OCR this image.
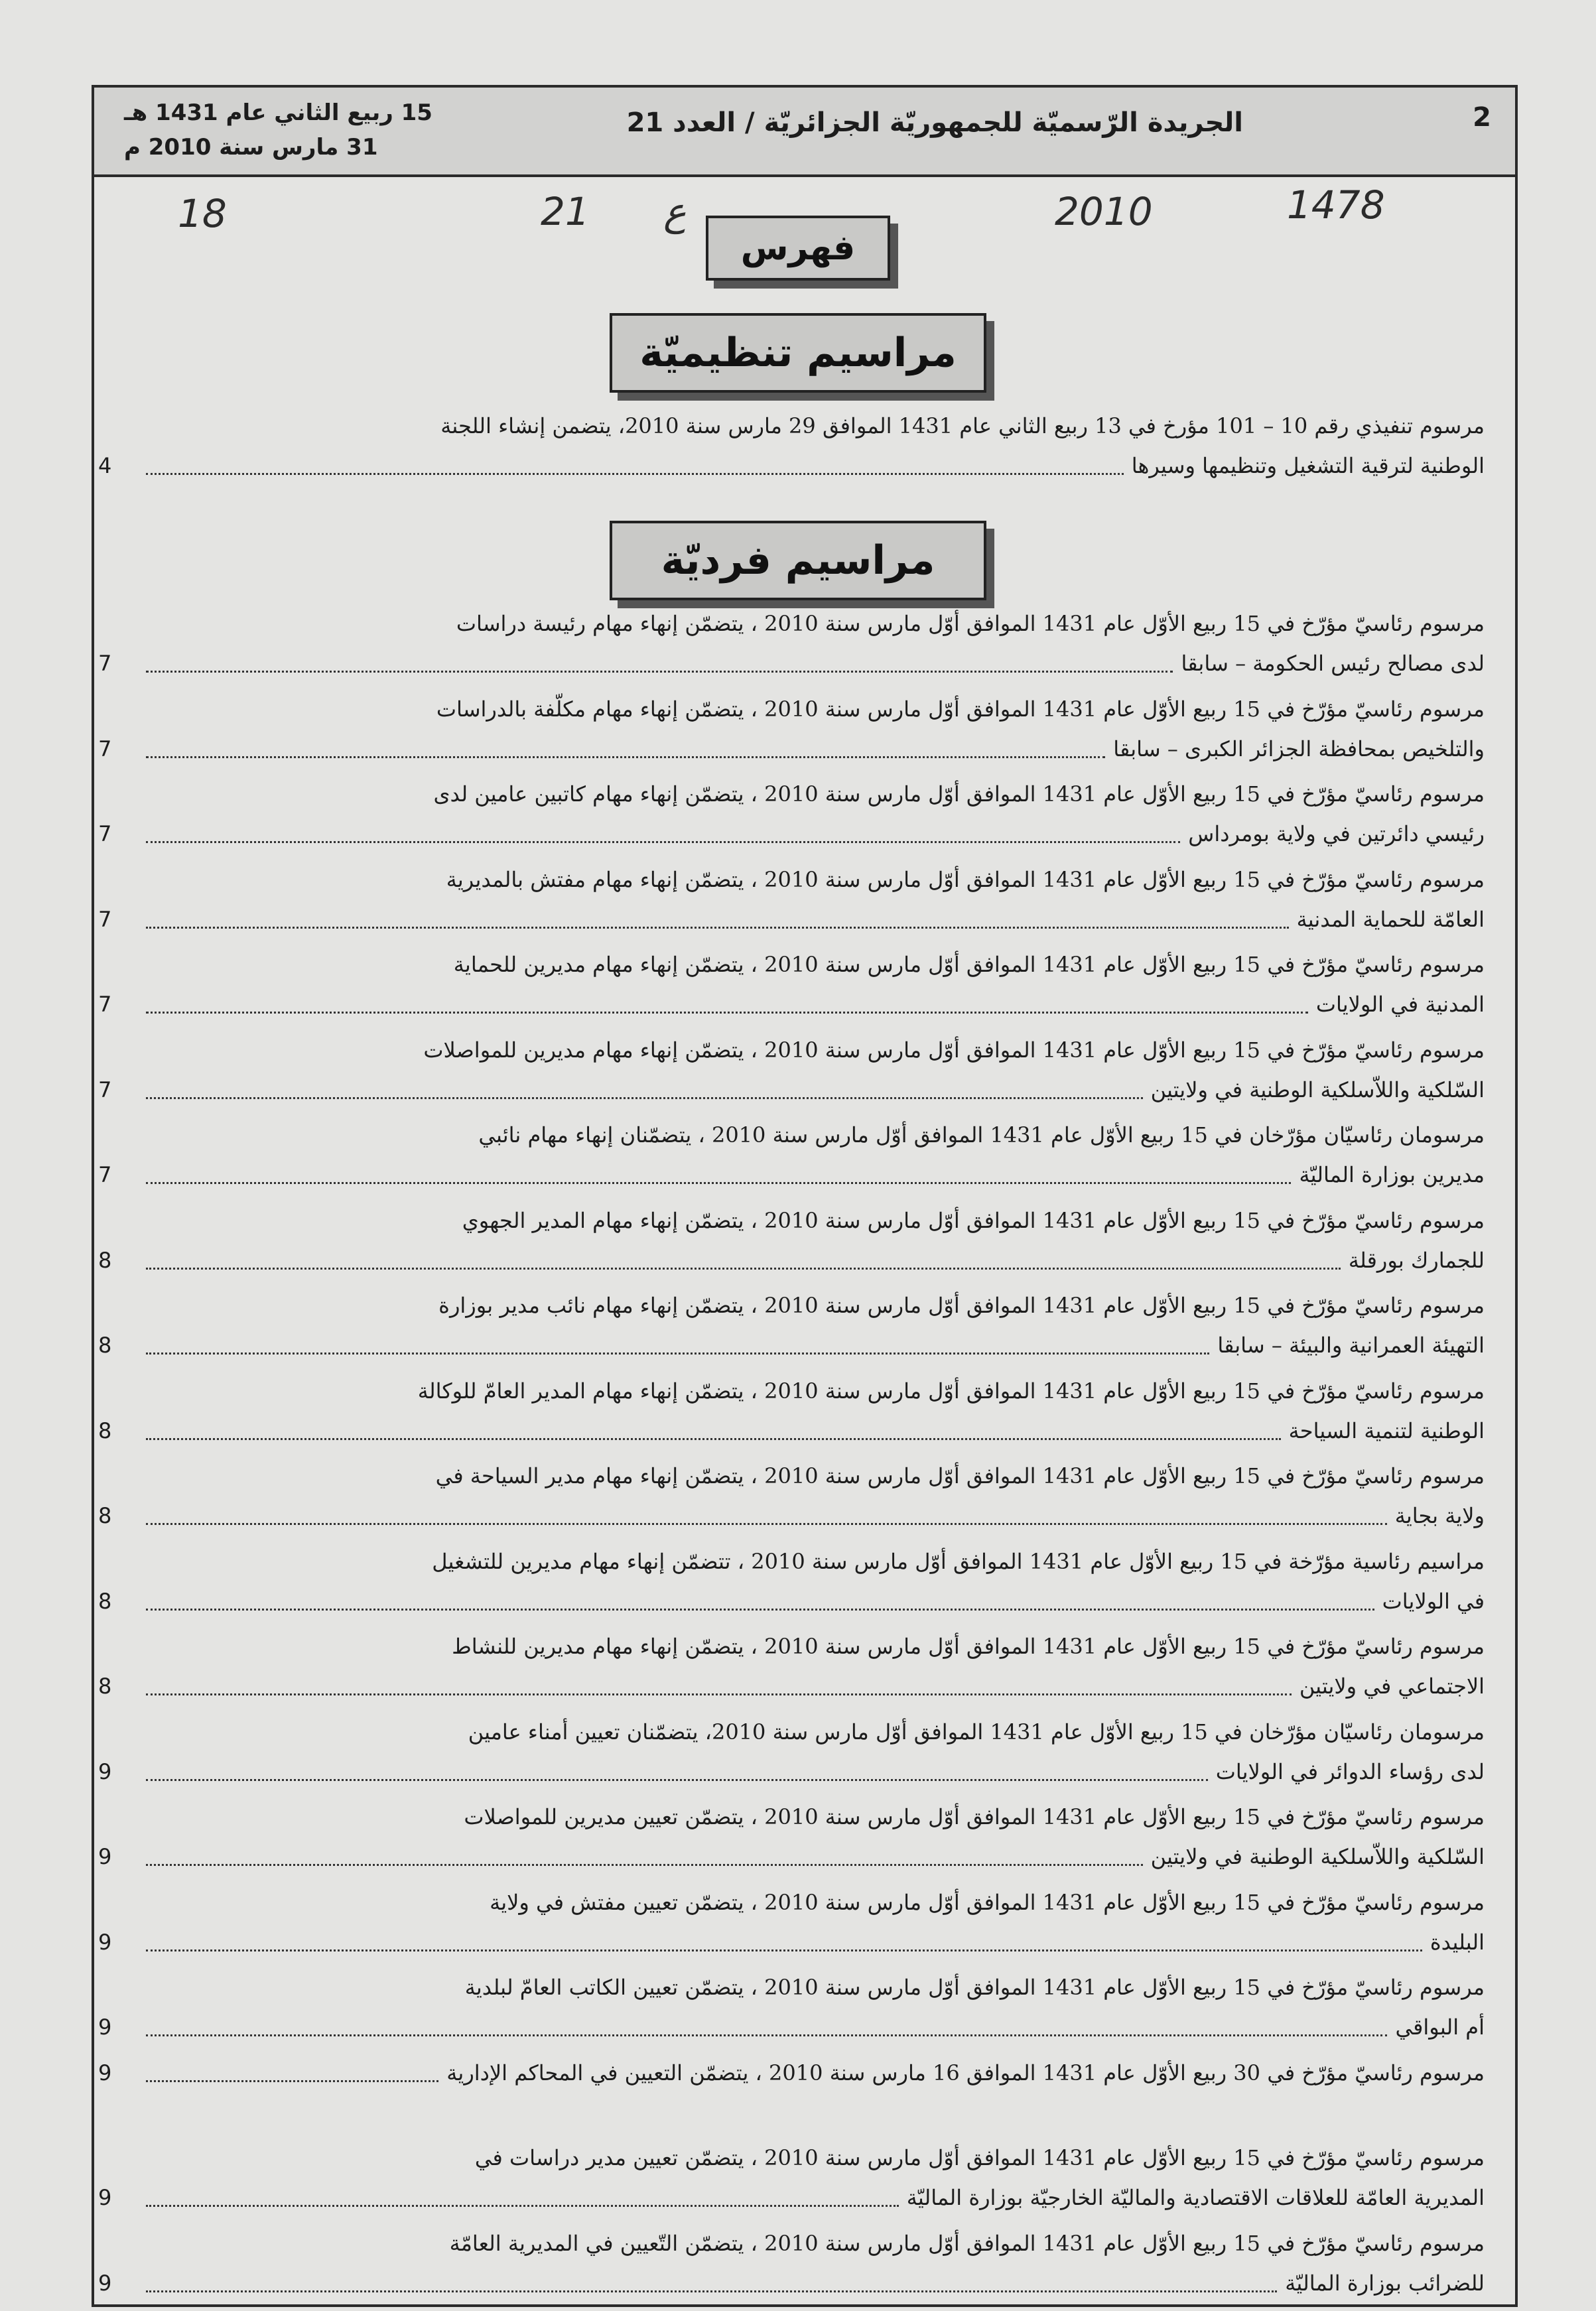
2
الجريدة الرّسميّة للجمهوريّة الجزائريّة / العدد 21
15 ربيع الثاني عام 1431 هـ
31 مارس سنة 2010 م
18	21 ع	2010	1478
فهرس
مراسيم تنظيميّة
مراسيم فرديّة
مرسوم تنفيذي رقم 10 – 101 مؤرخ في 13 ربيع الثاني عام 1431 الموافق 29 مارس سنة 2010، يتضمن إنشاء اللجنة
الوطنية لترقية التشغيل وتنظيمها وسيرها
4
مرسوم رئاسيّ مؤرّخ في 15 ربيع الأوّل عام 1431 الموافق أوّل مارس سنة 2010 ، يتضمّن إنهاء مهام رئيسة دراسات
لدى مصالح رئيس الحكومة – سابقا
7
مرسوم رئاسيّ مؤرّخ في 15 ربيع الأوّل عام 1431 الموافق أوّل مارس سنة 2010 ، يتضمّن إنهاء مهام مكلّفة بالدراسات
والتلخيص بمحافظة الجزائر الكبرى – سابقا
7
مرسوم رئاسيّ مؤرّخ في 15 ربيع الأوّل عام 1431 الموافق أوّل مارس سنة 2010 ، يتضمّن إنهاء مهام كاتبين عامين لدى
رئيسي دائرتين في ولاية بومرداس
7
مرسوم رئاسيّ مؤرّخ في 15 ربيع الأوّل عام 1431 الموافق أوّل مارس سنة 2010 ، يتضمّن إنهاء مهام مفتش بالمديرية
العامّة للحماية المدنية
7
مرسوم رئاسيّ مؤرّخ في 15 ربيع الأوّل عام 1431 الموافق أوّل مارس سنة 2010 ، يتضمّن إنهاء مهام مديرين للحماية
المدنية في الولايات
7
مرسوم رئاسيّ مؤرّخ في 15 ربيع الأوّل عام 1431 الموافق أوّل مارس سنة 2010 ، يتضمّن إنهاء مهام مديرين للمواصلات
السّلكية واللاّسلكية الوطنية في ولايتين
7
مرسومان رئاسيّان مؤرّخان في 15 ربيع الأوّل عام 1431 الموافق أوّل مارس سنة 2010 ، يتضمّنان إنهاء مهام نائبي
مديرين بوزارة الماليّة
7
مرسوم رئاسيّ مؤرّخ في 15 ربيع الأوّل عام 1431 الموافق أوّل مارس سنة 2010 ، يتضمّن إنهاء مهام المدير الجهوي
للجمارك بورقلة
8
مرسوم رئاسيّ مؤرّخ في 15 ربيع الأوّل عام 1431 الموافق أوّل مارس سنة 2010 ، يتضمّن إنهاء مهام نائب مدير بوزارة
التهيئة العمرانية والبيئة – سابقا
8
مرسوم رئاسيّ مؤرّخ في 15 ربيع الأوّل عام 1431 الموافق أوّل مارس سنة 2010 ، يتضمّن إنهاء مهام المدير العامّ للوكالة
الوطنية لتنمية السياحة
8
مرسوم رئاسيّ مؤرّخ في 15 ربيع الأوّل عام 1431 الموافق أوّل مارس سنة 2010 ، يتضمّن إنهاء مهام مدير السياحة في
ولاية بجاية
8
مراسيم رئاسية مؤرّخة في 15 ربيع الأوّل عام 1431 الموافق أوّل مارس سنة 2010 ، تتضمّن إنهاء مهام مديرين للتشغيل
في الولايات
8
مرسوم رئاسيّ مؤرّخ في 15 ربيع الأوّل عام 1431 الموافق أوّل مارس سنة 2010 ، يتضمّن إنهاء مهام مديرين للنشاط
الاجتماعي في ولايتين
8
مرسومان رئاسيّان مؤرّخان في 15 ربيع الأوّل عام 1431 الموافق أوّل مارس سنة 2010، يتضمّنان تعيين أمناء عامين
لدى رؤساء الدوائر في الولايات
9
مرسوم رئاسيّ مؤرّخ في 15 ربيع الأوّل عام 1431 الموافق أوّل مارس سنة 2010 ، يتضمّن تعيين مديرين للمواصلات
السّلكية واللاّسلكية الوطنية في ولايتين
9
مرسوم رئاسيّ مؤرّخ في 15 ربيع الأوّل عام 1431 الموافق أوّل مارس سنة 2010 ، يتضمّن تعيين مفتش في ولاية
البليدة
9
مرسوم رئاسيّ مؤرّخ في 15 ربيع الأوّل عام 1431 الموافق أوّل مارس سنة 2010 ، يتضمّن تعيين الكاتب العامّ لبلدية
أم البواقي
9
مرسوم رئاسيّ مؤرّخ في 30 ربيع الأوّل عام 1431 الموافق 16 مارس سنة 2010 ، يتضمّن التعيين في المحاكم الإدارية
9
مرسوم رئاسيّ مؤرّخ في 15 ربيع الأوّل عام 1431 الموافق أوّل مارس سنة 2010 ، يتضمّن تعيين مدير دراسات في
المديرية العامّة للعلاقات الاقتصادية والماليّة الخارجيّة بوزارة الماليّة
9
مرسوم رئاسيّ مؤرّخ في 15 ربيع الأوّل عام 1431 الموافق أوّل مارس سنة 2010 ، يتضمّن التّعيين في المديرية العامّة
للضرائب بوزارة الماليّة
9
